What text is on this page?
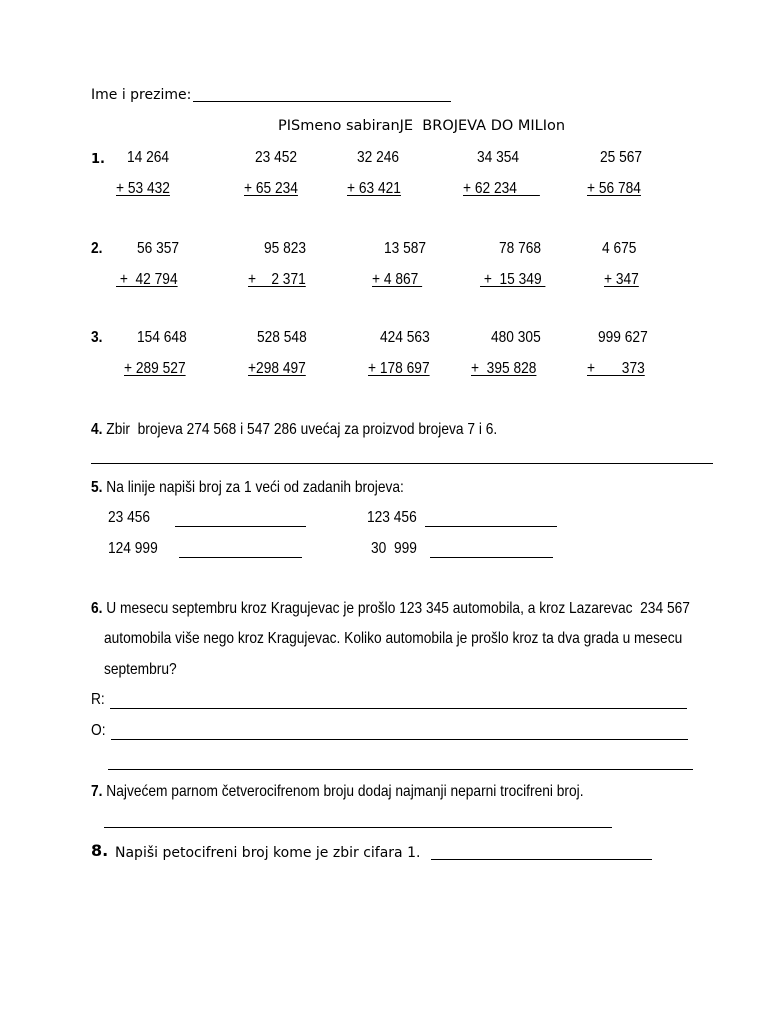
Ime i prezime:
PISmeno sabiranJE  BROJEVA DO MILIon
1. 14 264	23 452	32 246	34 354	25 567
+ 53 432	+ 65 234	+ 63 421	+ 62 234	+ 56 784
2. 56 357	95 823	13 587	78 768	4 675
+  42 794	+    2 371	+ 4 867	+  15 349	+ 347
3. 154 648	528 548	424 563	480 305	999 627
+ 289 527	+298 497	+ 178 697	+  395 828	+       373
4. Zbir  brojeva 274 568 i 547 286 uvećaj za proizvod brojeva 7 i 6.
5. Na linije napiši broj za 1 veći od zadanih brojeva:
23 456	123 456
124 999	30  999
6. U mesecu septembru kroz Kragujevac je prošlo 123 345 automobila, a kroz Lazarevac  234 567
automobila više nego kroz Kragujevac. Koliko automobila je prošlo kroz ta dva grada u mesecu
septembru?
R:
O:
7. Najvećem parnom četverocifrenom broju dodaj najmanji neparni trocifreni broj.
8. Napiši petocifreni broj kome je zbir cifara 1.
